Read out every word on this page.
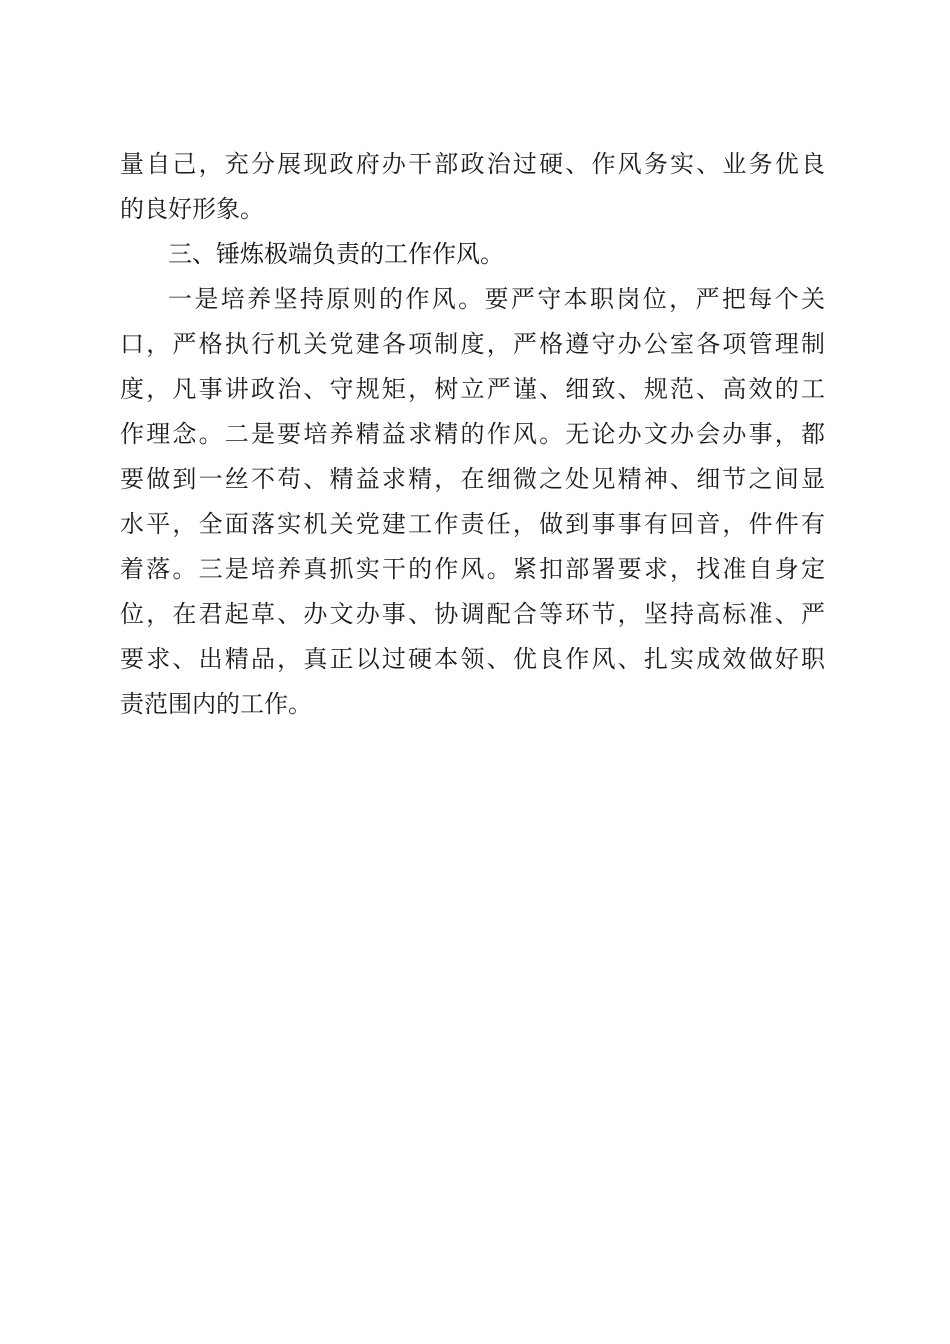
量自己，充分展现政府办干部政治过硬、作风务实、业务优良
的良好形象。
三、锤炼极端负责的工作作风。
一是培养坚持原则的作风。要严守本职岗位，严把每个关
口，严格执行机关党建各项制度，严格遵守办公室各项管理制
度，凡事讲政治、守规矩，树立严谨、细致、规范、高效的工
作理念。二是要培养精益求精的作风。无论办文办会办事，都
要做到一丝不苟、精益求精，在细微之处见精神、细节之间显
水平，全面落实机关党建工作责任，做到事事有回音，件件有
着落。三是培养真抓实干的作风。紧扣部署要求，找准自身定
位，在君起草、办文办事、协调配合等环节，坚持高标准、严
要求、出精品，真正以过硬本领、优良作风、扎实成效做好职
责范围内的工作。
